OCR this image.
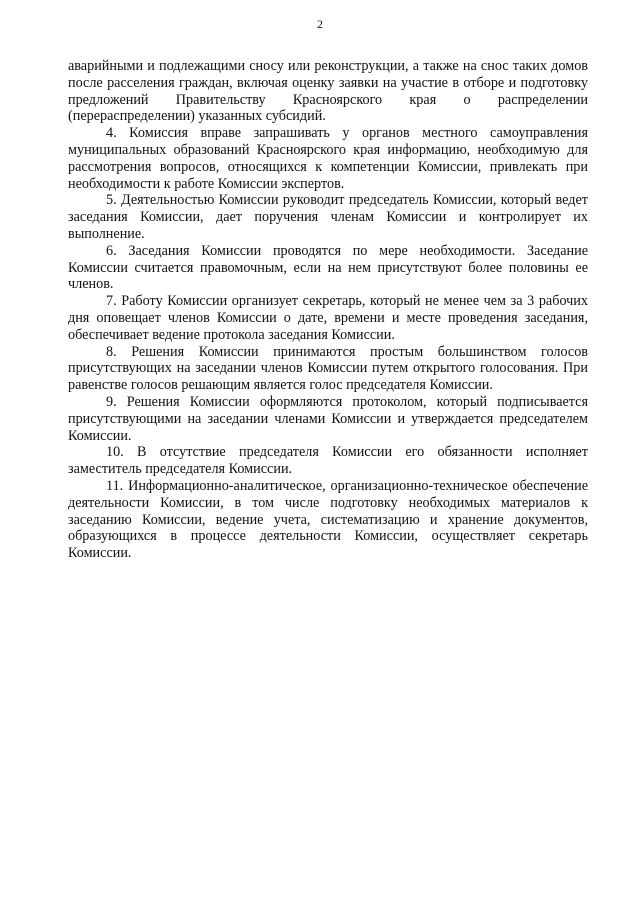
2

аварийными и подлежащими сносу или реконструкции, а также на снос таких домов после расселения граждан, включая оценку заявки на участие в отборе и подготовку предложений Правительству Красноярского края о распределении (перераспределении) указанных субсидий.

4. Комиссия вправе запрашивать у органов местного самоуправления муниципальных образований Красноярского края информацию, необходимую для рассмотрения вопросов, относящихся к компетенции Комиссии, привлекать при необходимости к работе Комиссии экспертов.

5. Деятельностью Комиссии руководит председатель Комиссии, который ведет заседания Комиссии, дает поручения членам Комиссии и контролирует их выполнение.

6. Заседания Комиссии проводятся по мере необходимости. Заседание Комиссии считается правомочным, если на нем присутствуют более половины ее членов.

7. Работу Комиссии организует секретарь, который не менее чем за 3 рабочих дня оповещает членов Комиссии о дате, времени и месте проведения заседания, обеспечивает ведение протокола заседания Комиссии.

8. Решения Комиссии принимаются простым большинством голосов присутствующих на заседании членов Комиссии путем открытого голосования. При равенстве голосов решающим является голос председателя Комиссии.

9. Решения Комиссии оформляются протоколом, который подписывается присутствующими на заседании членами Комиссии и утверждается председателем Комиссии.

10. В отсутствие председателя Комиссии его обязанности исполняет заместитель председателя Комиссии.

11. Информационно-аналитическое, организационно-техническое обеспечение деятельности Комиссии, в том числе подготовку необходимых материалов к заседанию Комиссии, ведение учета, систематизацию и хранение документов, образующихся в процессе деятельности Комиссии, осуществляет секретарь Комиссии.
